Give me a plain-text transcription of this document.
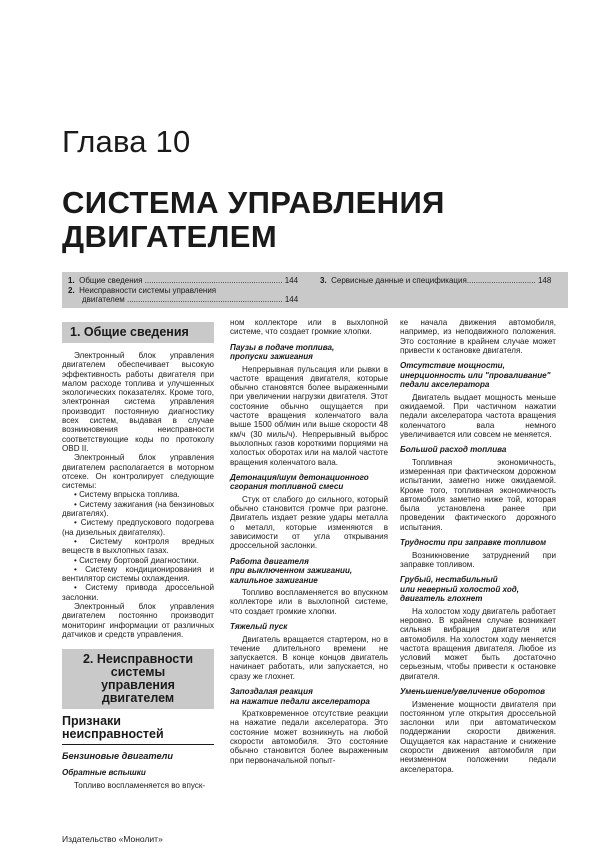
Глава 10
СИСТЕМА УПРАВЛЕНИЯ
ДВИГАТЕЛЕМ
1. Общие сведения .............................................................. 144
2. Неисправности системы управления
двигателем ...................................................................... 144
3. Сервисные данные и спецификация............................... 148
1. Общие сведения

Электронный блок управления двигателем обеспечивает высокую эффективность работы двигателя при малом расходе топлива и улучшенных экологических показателях. Кроме того, электронная система управления производит постоянную диагностику всех систем, выдавая в случае возникновения неисправности соответствующие коды по протоколу OBD II.

Электронный блок управления двигателем располагается в моторном отсеке. Он контролирует следующие системы:

• Систему впрыска топлива.

• Систему зажигания (на бензиновых двигателях).

• Систему предпускового подогрева (на дизельных двигателях).

• Систему контроля вредных веществ в выхлопных газах.

• Систему бортовой диагностики.

• Систему кондиционирования и вентилятор системы охлаждения.

• Систему привода дроссельной заслонки.

Электронный блок управления двигателем постоянно производит мониторинг информации от различных датчиков и средств управления.

2. Неисправности
системы
управления
двигателем
Признаки
неисправностей
Бензиновые двигатели
Обратные вспышки

Топливо воспламеняется во впуск-

ном коллекторе или в выхлопной системе, что создает громкие хлопки.

Паузы в подаче топлива,
пропуски зажигания

Непрерывная пульсация или рывки в частоте вращения двигателя, которые обычно становятся более выраженными при увеличении нагрузки двигателя. Этот состояние обычно ощущается при частоте вращения коленчатого вала выше 1500 об/мин или выше скорости 48 км/ч (30 миль/ч). Непрерывный выброс выхлопных газов короткими порциями на холостых оборотах или на малой частоте вращения коленчатого вала.

Детонация/шум детонационного
сгорания топливной смеси

Стук от слабого до сильного, который обычно становится громче при разгоне. Двигатель издает резкие удары металла о металл, которые изменяются в зависимости от угла открывания дроссельной заслонки.

Работа двигателя
при выключенном зажигании,
калильное зажигание

Топливо воспламеняется во впускном коллекторе или в выхлопной системе, что создает громкие хлопки.

Тяжелый пуск

Двигатель вращается стартером, но в течение длительного времени не запускается. В конце концов двигатель начинает работать, или запускается, но сразу же глохнет.

Запоздалая реакция
на нажатие педали акселератора

Кратковременное отсутствие реакции на нажатие педали акселератора. Это состояние может возникнуть на любой скорости автомобиля. Это состояние обычно становится более выраженным при первоначальной попыт-

ке начала движения автомобиля, например, из неподвижного положения. Это состояние в крайнем случае может привести к остановке двигателя.

Отсутствие мощности,
инерционность или "проваливание"
педали акселератора

Двигатель выдает мощность меньше ожидаемой. При частичном нажатии педали акселератора частота вращения коленчатого вала немного увеличивается или совсем не меняется.

Большой расход топлива

Топливная экономичность, измеренная при фактическом дорожном испытании, заметно ниже ожидаемой. Кроме того, топливная экономичность автомобиля заметно ниже той, которая была установлена ранее при проведении фактического дорожного испытания.

Трудности при заправке топливом

Возникновение затруднений при заправке топливом.

Грубый, нестабильный
или неверный холостой ход,
двигатель глохнет

На холостом ходу двигатель работает неровно. В крайнем случае возникает сильная вибрация двигателя или автомобиля. На холостом ходу меняется частота вращения двигателя. Любое из условий может быть достаточно серьезным, чтобы привести к остановке двигателя.

Уменьшение/увеличение оборотов

Изменение мощности двигателя при постоянном угле открытия дроссельной заслонки или при автоматическом поддержании скорости движения. Ощущается как нарастание и снижение скорости движения автомобиля при неизменном положении педали акселератора.

Издательство «Монолит»
